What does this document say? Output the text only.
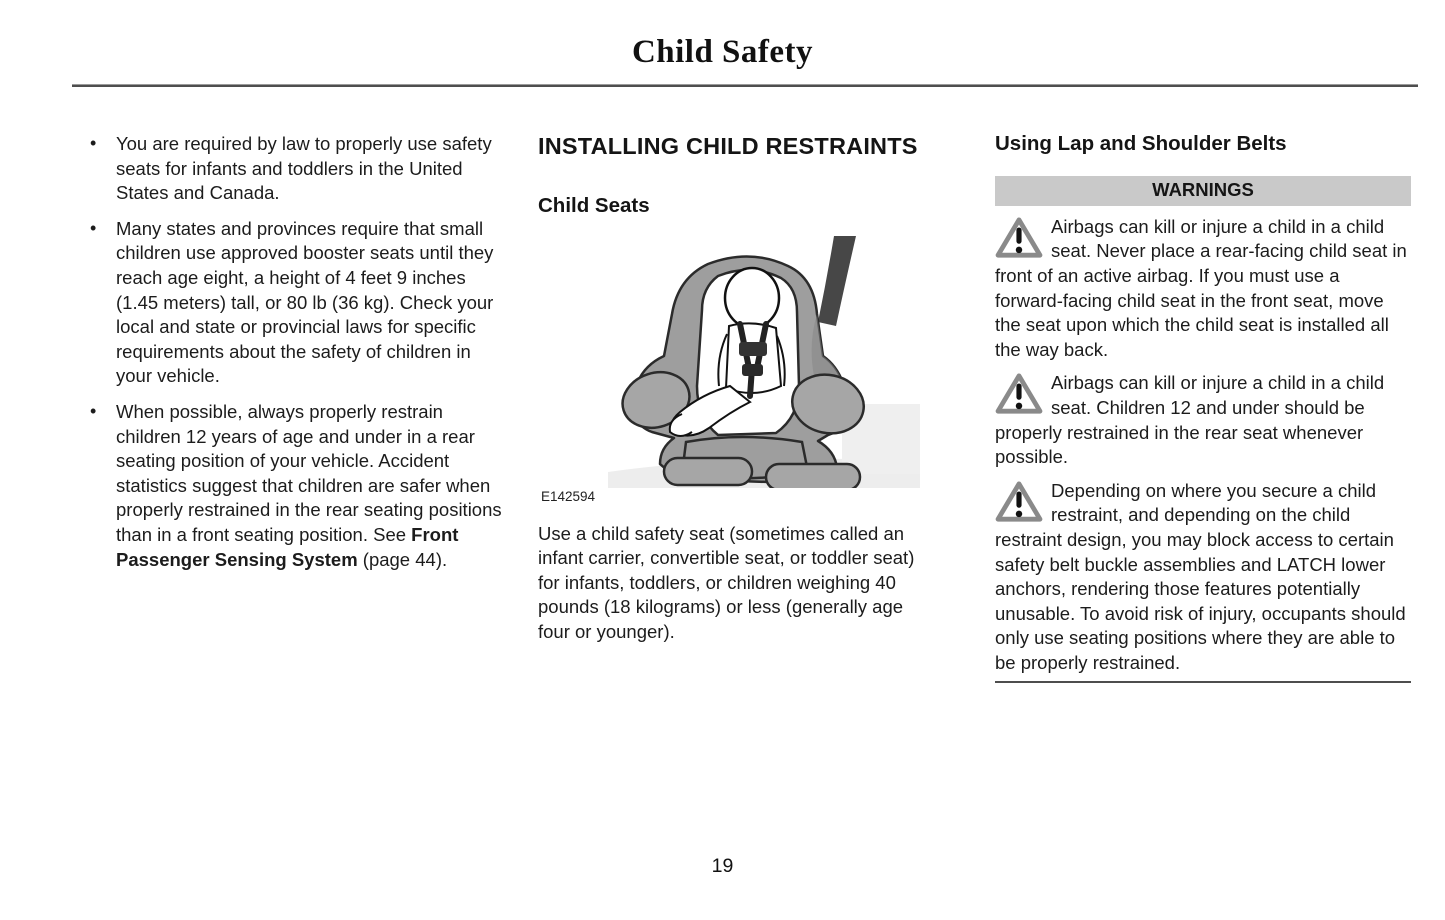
Child Safety
• You are required by law to properly use safety seats for infants and toddlers in the United States and Canada.
• Many states and provinces require that small children use approved booster seats until they reach age eight, a height of 4 feet 9 inches (1.45 meters) tall, or 80 lb (36 kg). Check your local and state or provincial laws for specific requirements about the safety of children in your vehicle.
• When possible, always properly restrain children 12 years of age and under in a rear seating position of your vehicle. Accident statistics suggest that children are safer when properly restrained in the rear seating positions than in a front seating position. See Front Passenger Sensing System (page 44).
INSTALLING CHILD RESTRAINTS
Child Seats
E142594

Use a child safety seat (sometimes called an infant carrier, convertible seat, or toddler seat) for infants, toddlers, or children weighing 40 pounds (18 kilograms) or less (generally age four or younger).

Using Lap and Shoulder Belts
WARNINGS

Airbags can kill or injure a child in a child seat. Never place a rear-facing child seat in front of an active airbag. If you must use a forward-facing child seat in the front seat, move the seat upon which the child seat is installed all the way back.

Airbags can kill or injure a child in a child seat. Children 12 and under should be properly restrained in the rear seat whenever possible.

Depending on where you secure a child restraint, and depending on the child restraint design, you may block access to certain safety belt buckle assemblies and LATCH lower anchors, rendering those features potentially unusable. To avoid risk of injury, occupants should only use seating positions where they are able to be properly restrained.

19
